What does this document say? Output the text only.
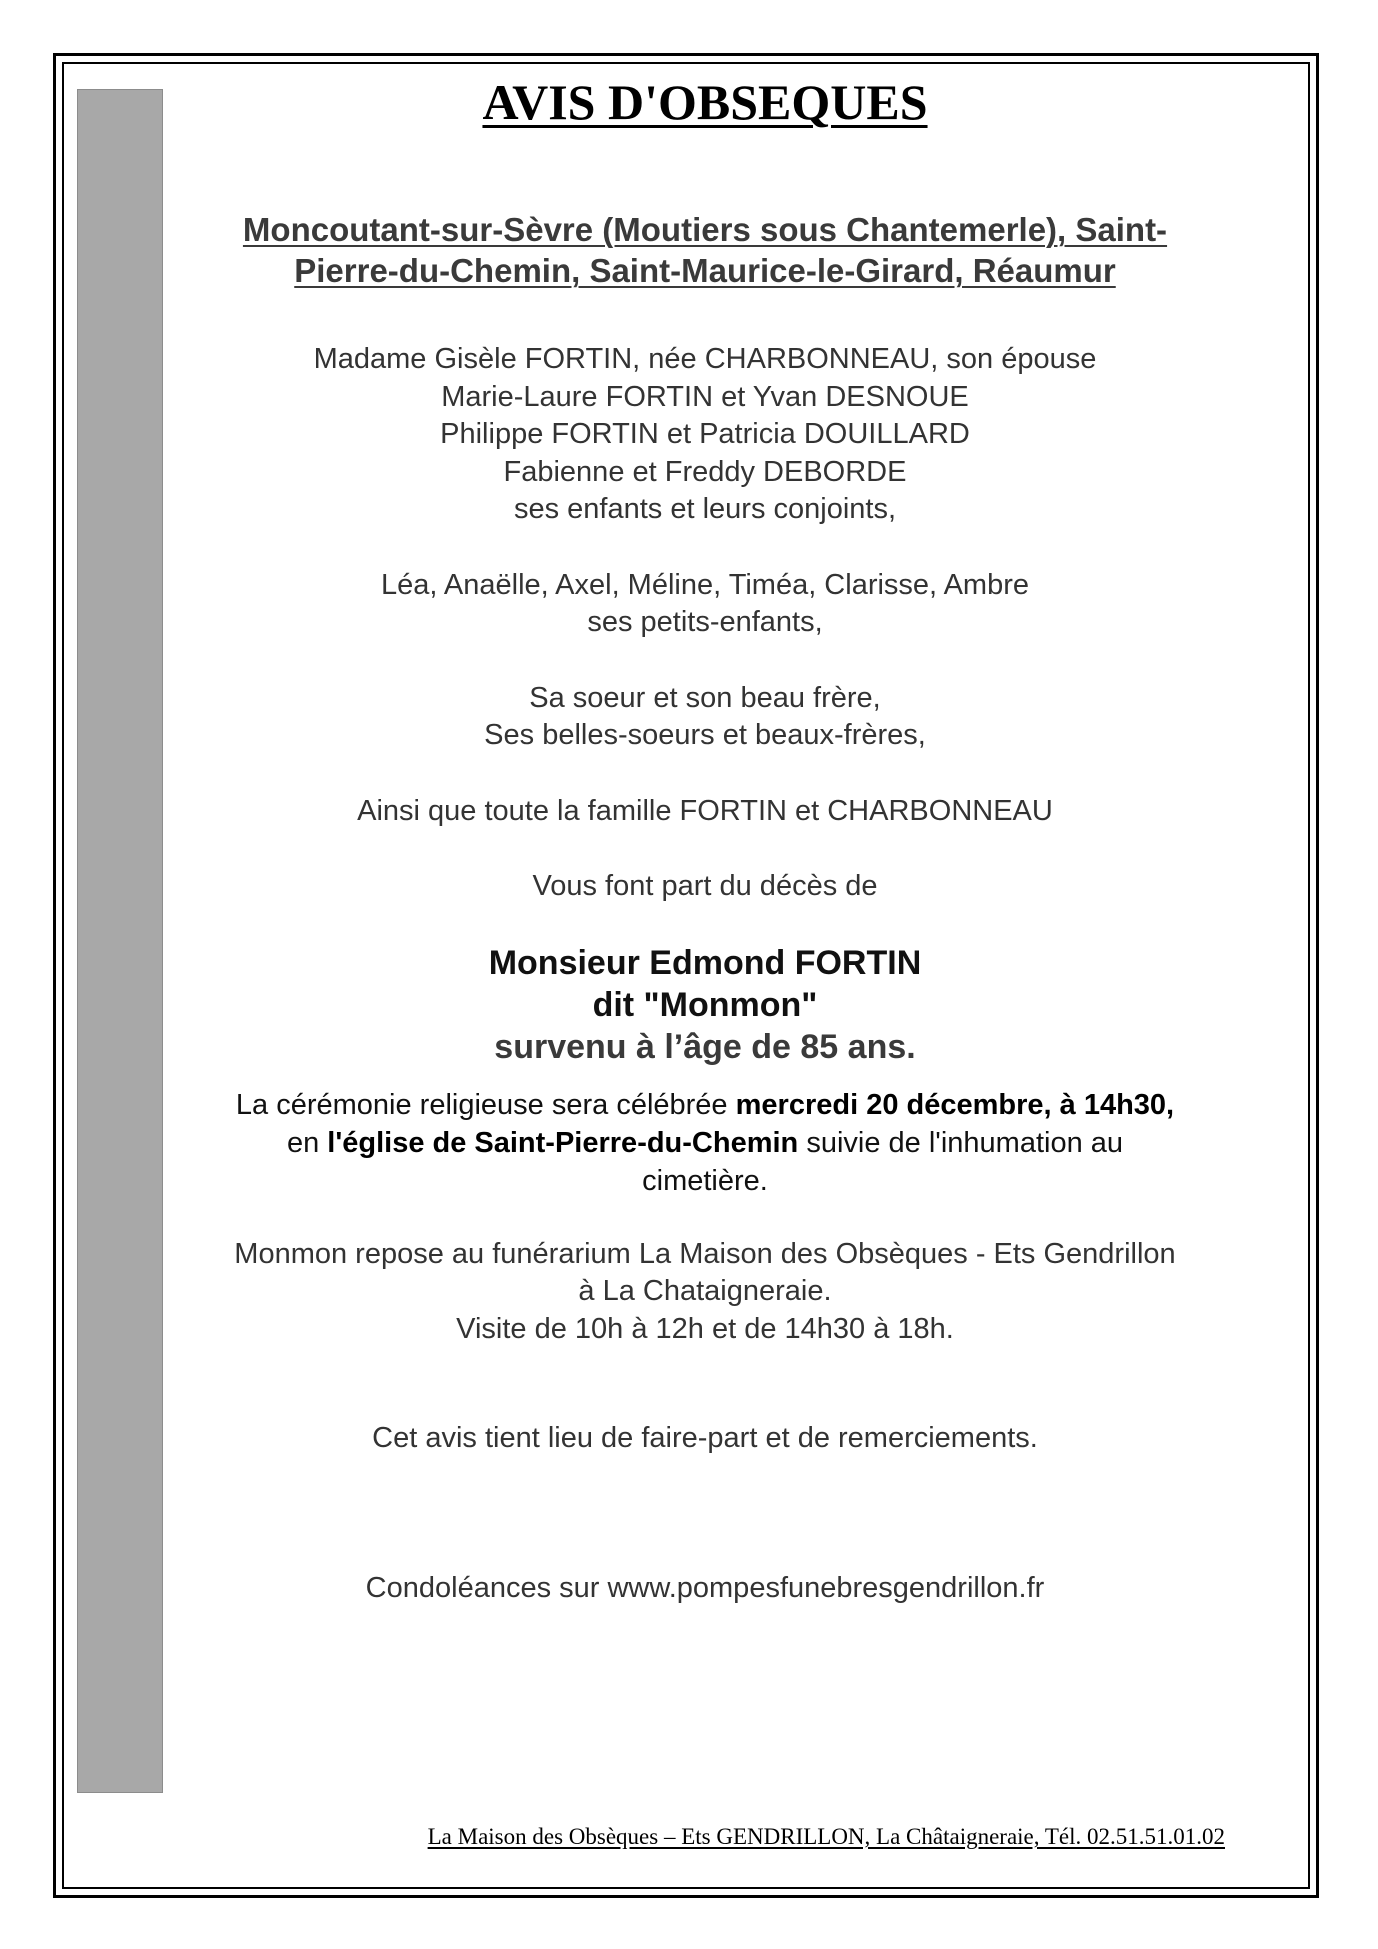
AVIS D'OBSEQUES
Moncoutant-sur-Sèvre (Moutiers sous Chantemerle), Saint-
Pierre-du-Chemin, Saint-Maurice-le-Girard, Réaumur
Madame Gisèle FORTIN, née CHARBONNEAU, son épouse
Marie-Laure FORTIN et Yvan DESNOUE
Philippe FORTIN et Patricia DOUILLARD
Fabienne et Freddy DEBORDE
ses enfants et leurs conjoints,
Léa, Anaëlle, Axel, Méline, Timéa, Clarisse, Ambre
ses petits-enfants,
Sa soeur et son beau frère,
Ses belles-soeurs et beaux-frères,
Ainsi que toute la famille FORTIN et CHARBONNEAU
Vous font part du décès de
Monsieur Edmond FORTIN
dit "Monmon"
survenu à l’âge de 85 ans.
La cérémonie religieuse sera célébrée mercredi 20 décembre, à 14h30,
en l'église de Saint-Pierre-du-Chemin suivie de l'inhumation au
cimetière.
Monmon repose au funérarium La Maison des Obsèques - Ets Gendrillon
à La Chataigneraie.
Visite de 10h à 12h et de 14h30 à 18h.
Cet avis tient lieu de faire-part et de remerciements.
Condoléances sur www.pompesfunebresgendrillon.fr

La Maison des Obsèques – Ets GENDRILLON, La Châtaigneraie, Tél. 02.51.51.01.02
